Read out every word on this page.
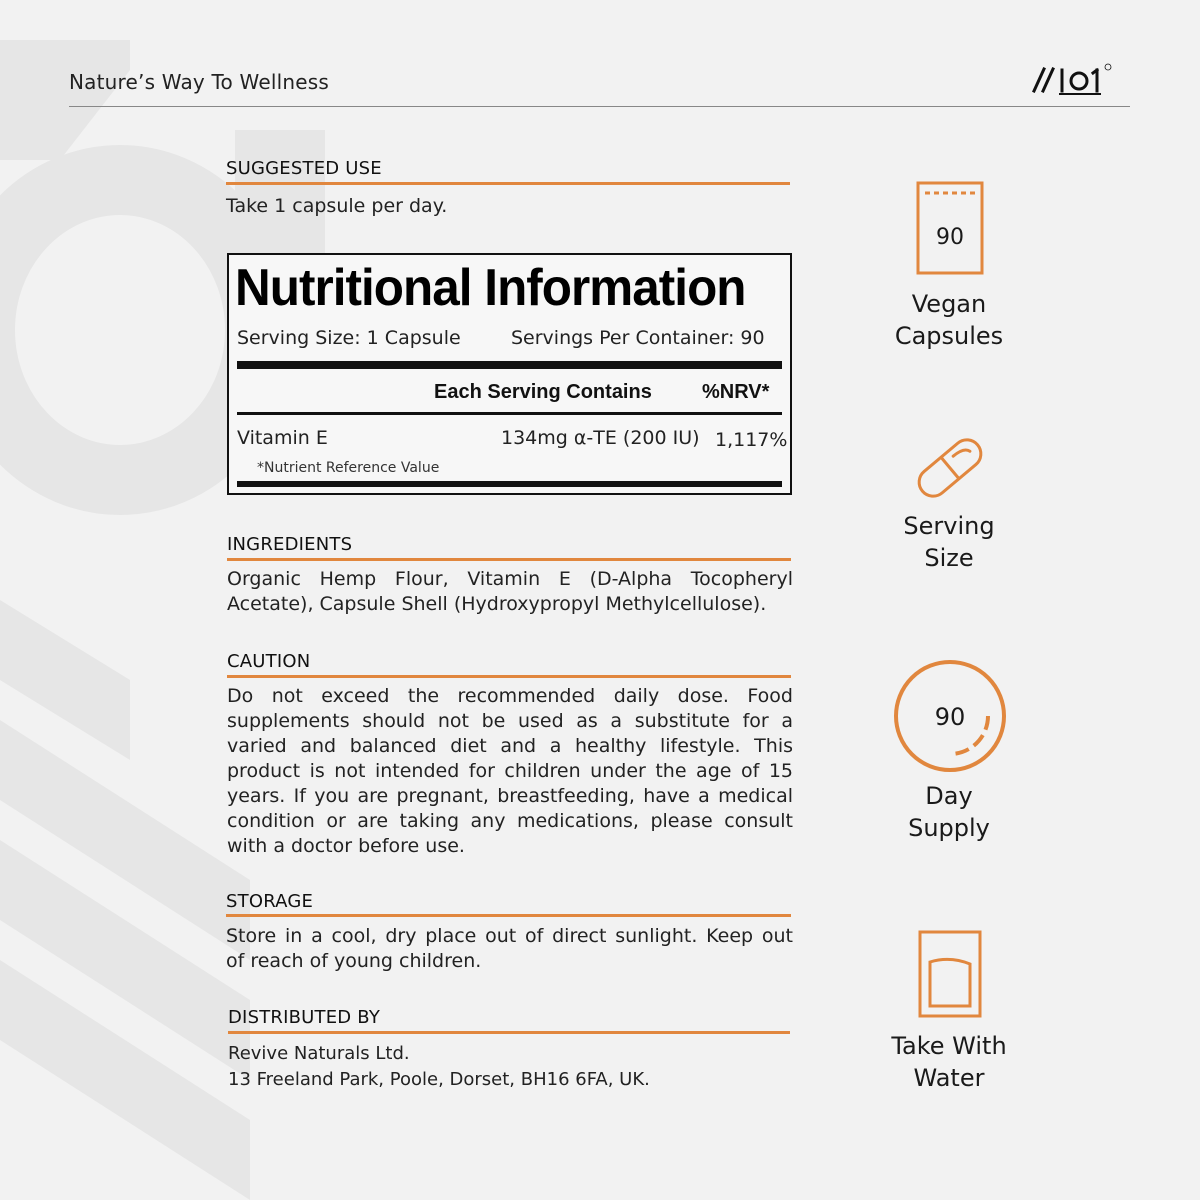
Nature’s Way To Wellness
SUGGESTED USE
Take 1 capsule per day.
Nutritional Information
Serving Size: 1 Capsule	Servings Per Container: 90
Each Serving Contains	%NRV*
Vitamin E	134mg α-TE (200 IU) 1,117%
*Nutrient Reference Value
INGREDIENTS
Organic Hemp Flour, Vitamin E (D-Alpha Tocopheryl
Acetate), Capsule Shell (Hydroxypropyl Methylcellulose).
CAUTION
Do not exceed the recommended daily dose. Food
supplements should not be used as a substitute for a
varied and balanced diet and a healthy lifestyle. This
product is not intended for children under the age of 15
years. If you are pregnant, breastfeeding, have a medical
condition or are taking any medications, please consult
with a doctor before use.
STORAGE
Store in a cool, dry place out of direct sunlight. Keep out
of reach of young children.
DISTRIBUTED BY
Revive Naturals Ltd.
13 Freeland Park, Poole, Dorset, BH16 6FA, UK.
90
Vegan
Capsules
Serving
Size
90
Day
Supply
Take With
Water
